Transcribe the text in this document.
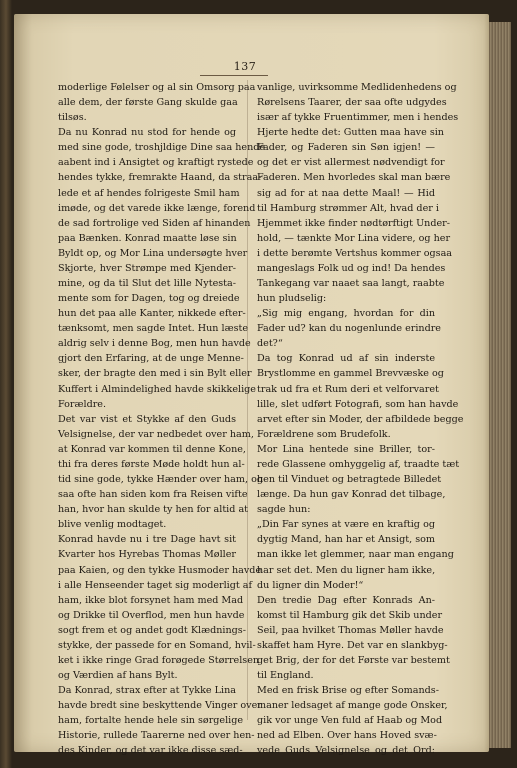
137
moderlige Følelser og al sin Omsorg paa
alle dem, der første Gang skulde gaa
tilsøs.
Da nu Konrad nu stod for hende og
med sine gode, troshjldige Dine saa hende
aabent ind i Ansigtet og kraftigt rystede
hendes tykke, fremrakte Haand, da straa-
lede et af hendes folrigeste Smil ham
imøde, og det varede ikke længe, forend
de sad fortrolige ved Siden af hinanden
paa Bænken. Konrad maatte løse sin
Byldt op, og Mor Lina undersøgte hver
Skjorte, hver Strømpe med Kjender-
mine, og da til Slut det lille Nytesta-
mente som for Dagen, tog og dreiede
hun det paa alle Kanter, nikkede efter-
tænksomt, men sagde Intet. Hun læste
aldrig selv i denne Bog, men hun havde
gjort den Erfaring, at de unge Menne-
sker, der bragte den med i sin Bylt eller
Kuffert i Almindelighed havde skikkelige
Forældre.
Det var vist et Stykke af den Guds
Velsignelse, der var nedbedet over ham,
at Konrad var kommen til denne Kone,
thi fra deres første Møde holdt hun al-
tid sine gode, tykke Hænder over ham, og
saa ofte han siden kom fra Reisen vifte
han, hvor han skulde ty hen for altid at
blive venlig modtaget.
Konrad havde nu i tre Dage havt sit
Kvarter hos Hyrebas Thomas Møller
paa Kaien, og den tykke Husmoder havde
i alle Henseender taget sig moderligt af
ham, ikke blot forsynet ham med Mad
og Drikke til Overflod, men hun havde
sogt frem et og andet godt Klædnings-
stykke, der passede for en Somand, hvil-
ket i ikke ringe Grad forøgede Størrelsen
og Værdien af hans Bylt.
Da Konrad, strax efter at Tykke Lina
havde bredt sine beskyttende Vinger over
ham, fortalte hende hele sin sørgelige
Historie, rullede Taarerne ned over hen-
des Kinder, og det var ikke disse sæd-
vanlige, uvirksomme Medlidenhedens og
Rørelsens Taarer, der saa ofte udgydes
især af tykke Fruentimmer, men i hendes
Hjerte hedte det: Gutten maa have sin
Fader, og Faderen sin Søn igjen! —
og det er vist allermest nødvendigt for
Faderen. Men hvorledes skal man bære
sig ad for at naa dette Maal! — Hid
til Hamburg strømmer Alt, hvad der i
Hjemmet ikke finder nødtørftigt Under-
hold, — tænkte Mor Lina videre, og her
i dette berømte Vertshus kommer ogsaa
mangeslags Folk ud og ind! Da hendes
Tankegang var naaet saa langt, raabte
hun pludselig:
„Sig mig engang, hvordan for din
Fader ud? kan du nogenlunde erindre
det?“
Da tog Konrad ud af sin inderste
Brystlomme en gammel Brevvæske og
trak ud fra et Rum deri et velforvaret
lille, slet udført Fotografi, som han havde
arvet efter sin Moder, der afbildede begge
Forældrene som Brudefolk.
Mor Lina hentede sine Briller, tor-
rede Glassene omhyggelig af, traadte tæt
hen til Vinduet og betragtede Billedet
længe. Da hun gav Konrad det tilbage,
sagde hun:
„Din Far synes at være en kraftig og
dygtig Mand, han har et Ansigt, som
man ikke let glemmer, naar man engang
har set det. Men du ligner ham ikke,
du ligner din Moder!“
Den tredie Dag efter Konrads An-
komst til Hamburg gik det Skib under
Seil, paa hvilket Thomas Møller havde
skaffet ham Hyre. Det var en slankbyg-
get Brig, der for det Første var bestemt
til England.
Med en frisk Brise og efter Somands-
maner ledsaget af mange gode Onsker,
gik vor unge Ven fuld af Haab og Mod
ned ad Elben. Over hans Hoved svæ-
vede Guds Velsignelse og det Ord:
